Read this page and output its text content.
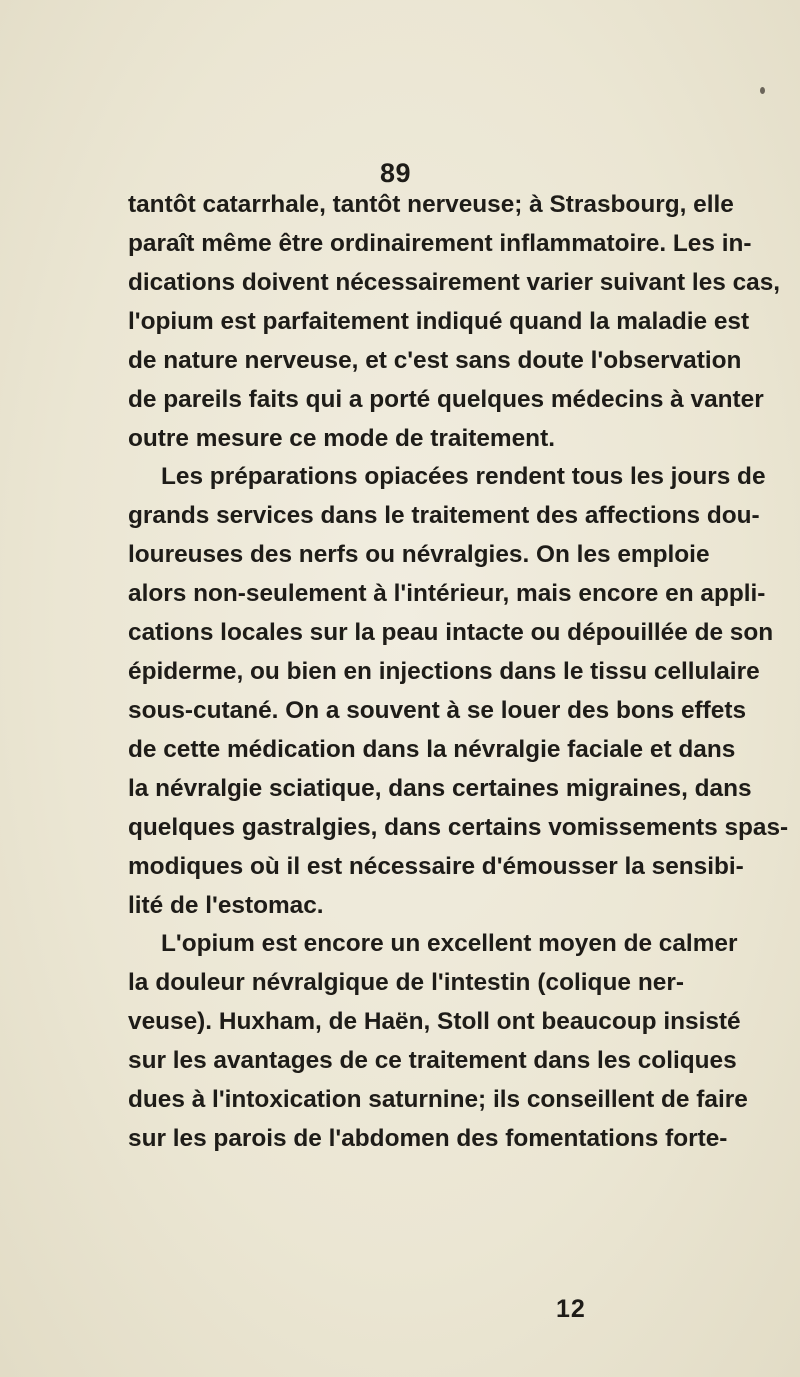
89
tantôt catarrhale, tantôt nerveuse; à Strasbourg, elle
paraît même être ordinairement inflammatoire. Les in-
dications doivent nécessairement varier suivant les cas,
l'opium est parfaitement indiqué quand la maladie est
de nature nerveuse, et c'est sans doute l'observation
de pareils faits qui a porté quelques médecins à vanter
outre mesure ce mode de traitement.
Les préparations opiacées rendent tous les jours de
grands services dans le traitement des affections dou-
loureuses des nerfs ou névralgies. On les emploie
alors non-seulement à l'intérieur, mais encore en appli-
cations locales sur la peau intacte ou dépouillée de son
épiderme, ou bien en injections dans le tissu cellulaire
sous-cutané. On a souvent à se louer des bons effets
de cette médication dans la névralgie faciale et dans
la névralgie sciatique, dans certaines migraines, dans
quelques gastralgies, dans certains vomissements spas-
modiques où il est nécessaire d'émousser la sensibi-
lité de l'estomac.
L'opium est encore un excellent moyen de calmer
la douleur névralgique de l'intestin (colique ner-
veuse). Huxham, de Haën, Stoll ont beaucoup insisté
sur les avantages de ce traitement dans les coliques
dues à l'intoxication saturnine; ils conseillent de faire
sur les parois de l'abdomen des fomentations forte-
12
